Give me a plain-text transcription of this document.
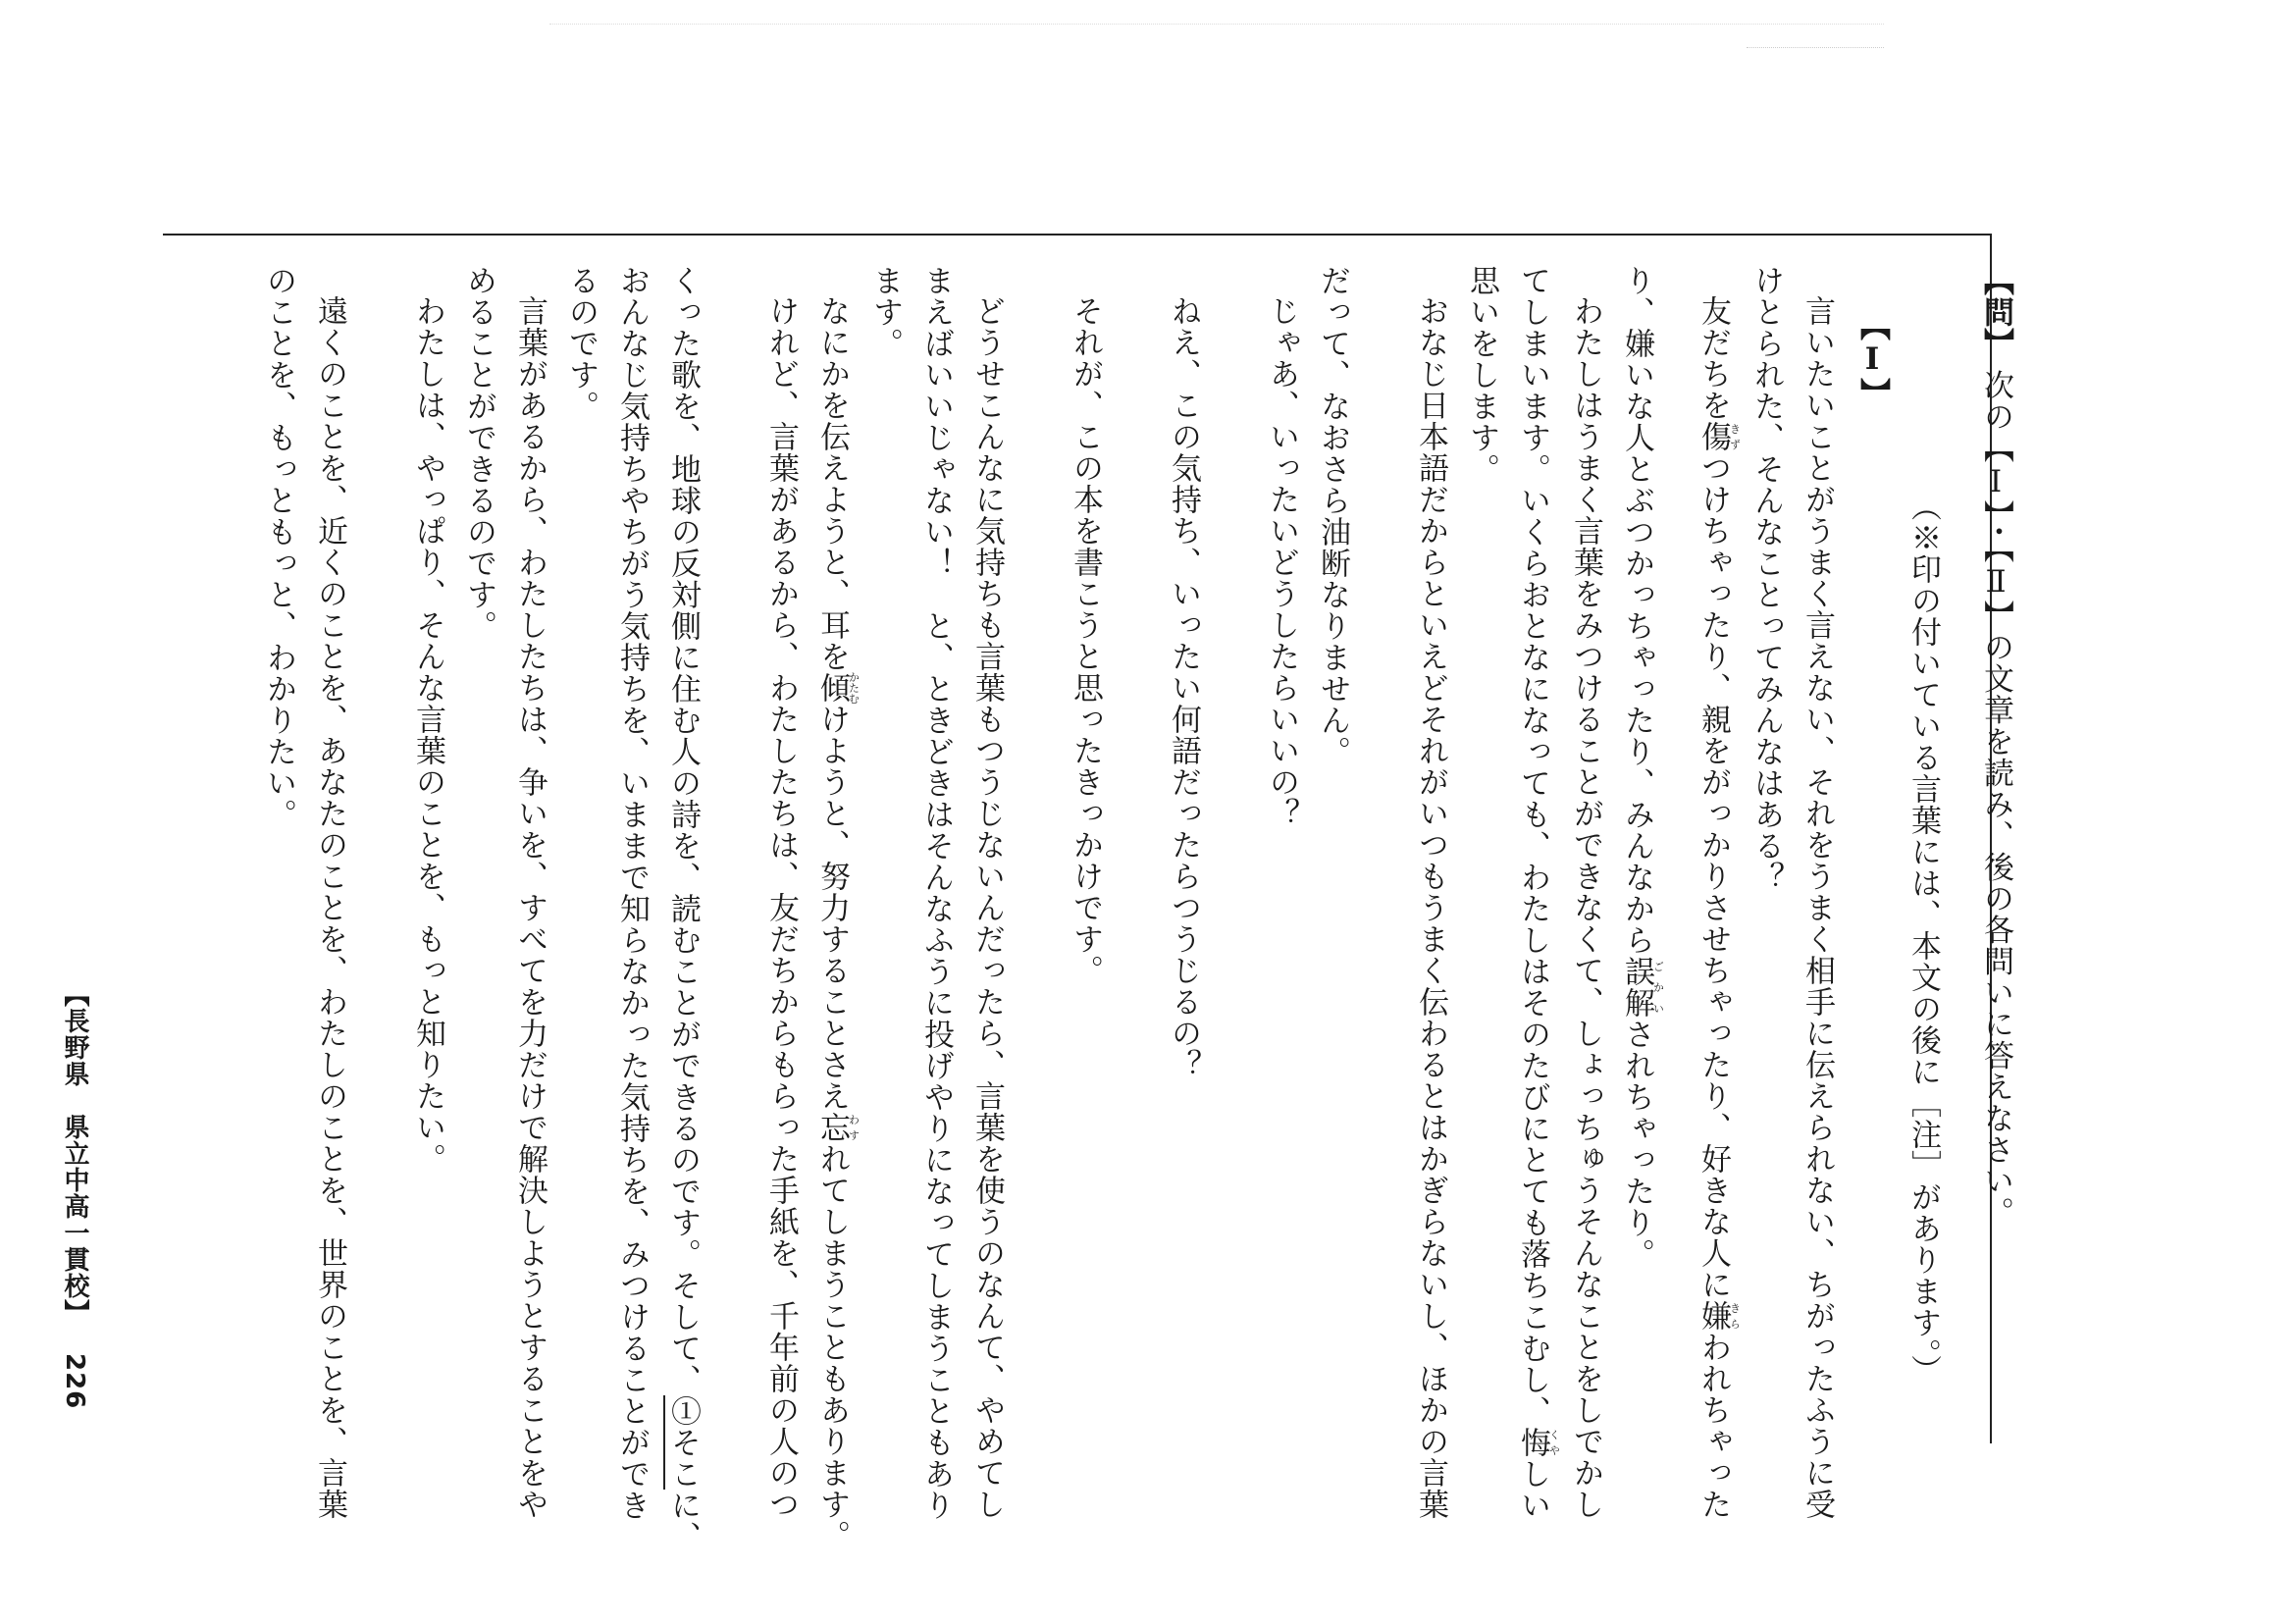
【問】 次の【Ⅰ】・【Ⅱ】の文章を読み、後の各問いに答えなさい。
（※印の付いている言葉には、本文の後に［注］があります。）
【Ⅰ】
言いたいことがうまく言えない、それをうまく相手に伝えられない、ちがったふうに受
けとられた、そんなことってみんなはある？
友だちを傷きずつけちゃったり、親をがっかりさせちゃったり、好きな人に嫌きらわれちゃった
り、嫌いな人とぶつかっちゃったり、みんなから誤解ごかいされちゃったり。
わたしはうまく言葉をみつけることができなくて、しょっちゅうそんなことをしでかし
てしまいます。いくらおとなになっても、わたしはそのたびにとても落ちこむし、悔くやしい
思いをします。
おなじ日本語だからといえどそれがいつもうまく伝わるとはかぎらないし、ほかの言葉
だって、なおさら油断なりません。
じゃあ、いったいどうしたらいいの？
ねえ、この気持ち、いったい何語だったらつうじるの？
それが、この本を書こうと思ったきっかけです。
どうせこんなに気持ちも言葉もつうじないんだったら、言葉を使うのなんて、やめてし
まえばいいじゃない！　と、ときどきはそんなふうに投げやりになってしまうこともあり
ます。
なにかを伝えようと、耳を傾かたむけようと、努力することさえ忘わすれてしまうこともあります。
けれど、言葉があるから、わたしたちは、友だちからもらった手紙を、千年前の人のつ
くった歌を、地球の反対側に住む人の詩を、読むことができるのです。そして、①そこに、
おんなじ気持ちやちがう気持ちを、いままで知らなかった気持ちを、みつけることができ
るのです。
言葉があるから、わたしたちは、争いを、すべてを力だけで解決しようとすることをや
めることができるのです。
わたしは、やっぱり、そんな言葉のことを、もっと知りたい。
遠くのことを、近くのことを、あなたのことを、わたしのことを、世界のことを、言葉
のことを、もっともっと、わかりたい。
【長野県　県立中高一貫校】 226
